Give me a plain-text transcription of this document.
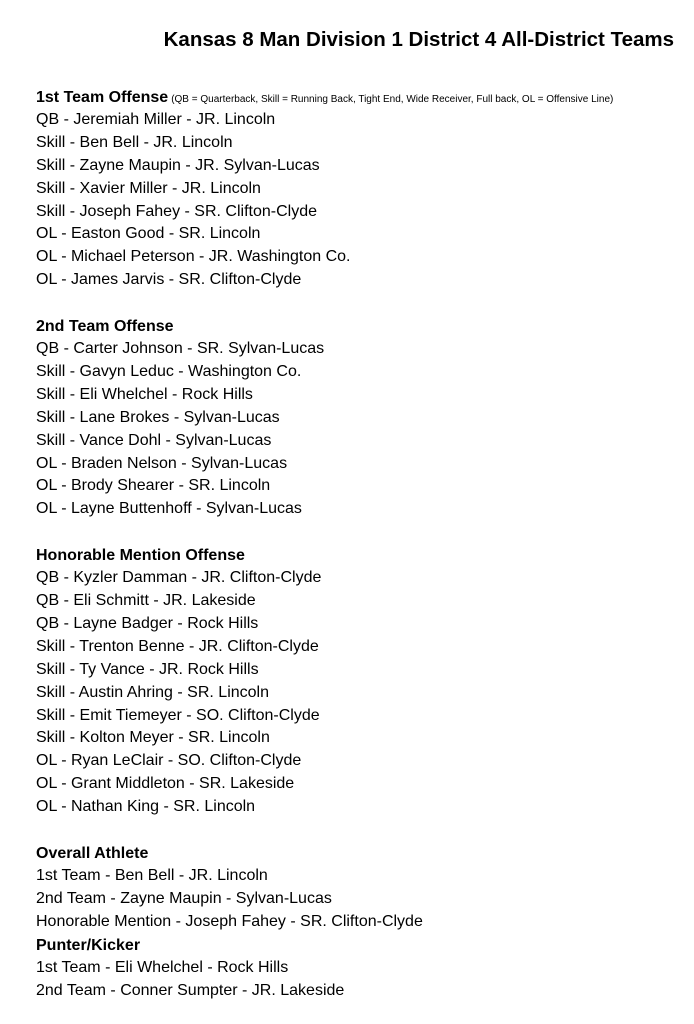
Kansas 8 Man Division 1 District 4 All-District Teams
1st Team Offense (QB = Quarterback, Skill = Running Back, Tight End, Wide Receiver, Full back, OL = Offensive Line)
QB - Jeremiah Miller - JR. Lincoln
Skill - Ben Bell - JR. Lincoln
Skill - Zayne Maupin - JR. Sylvan-Lucas
Skill - Xavier Miller - JR. Lincoln
Skill - Joseph Fahey - SR. Clifton-Clyde
OL - Easton Good - SR. Lincoln
OL - Michael Peterson - JR. Washington Co.
OL - James Jarvis - SR. Clifton-Clyde
2nd Team Offense
QB - Carter Johnson - SR. Sylvan-Lucas
Skill - Gavyn Leduc - Washington Co.
Skill - Eli Whelchel - Rock Hills
Skill - Lane Brokes - Sylvan-Lucas
Skill - Vance Dohl - Sylvan-Lucas
OL - Braden Nelson - Sylvan-Lucas
OL - Brody Shearer - SR. Lincoln
OL - Layne Buttenhoff - Sylvan-Lucas
Honorable Mention Offense
QB - Kyzler Damman - JR. Clifton-Clyde
QB - Eli Schmitt - JR. Lakeside
QB - Layne Badger - Rock Hills
Skill - Trenton Benne - JR. Clifton-Clyde
Skill - Ty Vance - JR. Rock Hills
Skill - Austin Ahring - SR. Lincoln
Skill - Emit Tiemeyer - SO. Clifton-Clyde
Skill - Kolton Meyer - SR. Lincoln
OL - Ryan LeClair - SO. Clifton-Clyde
OL - Grant Middleton - SR. Lakeside
OL - Nathan King - SR. Lincoln
Overall Athlete
1st Team - Ben Bell - JR. Lincoln
2nd Team - Zayne Maupin - Sylvan-Lucas
Honorable Mention - Joseph Fahey - SR. Clifton-Clyde
Punter/Kicker
1st Team - Eli Whelchel - Rock Hills
2nd Team - Conner Sumpter - JR. Lakeside
